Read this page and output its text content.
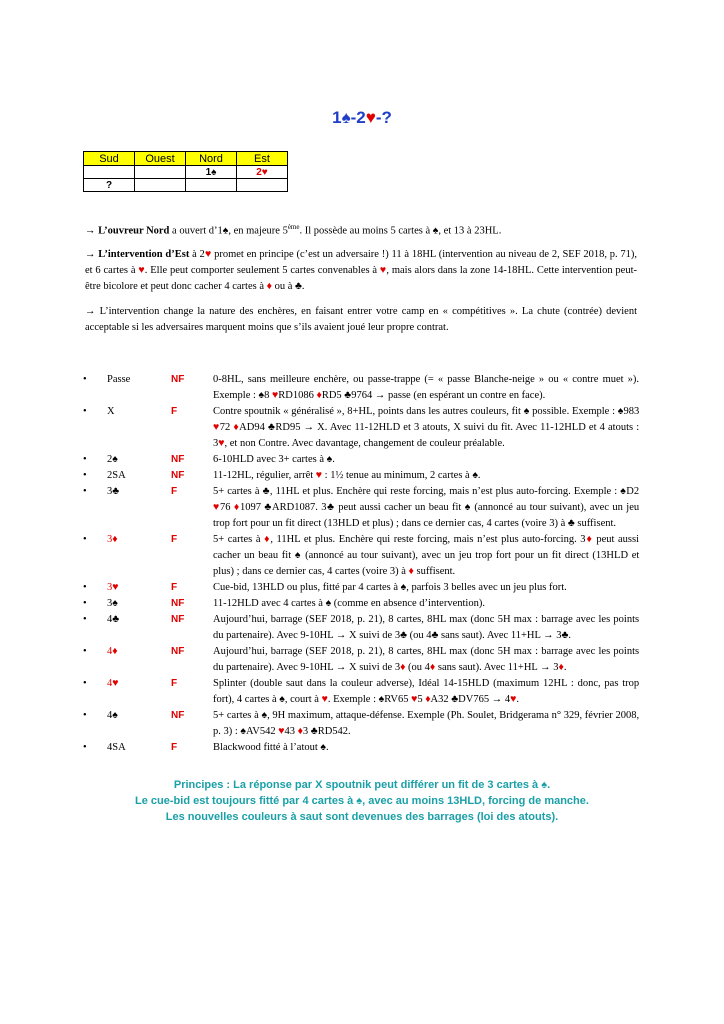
1♠-2♥-?
Sud	Ouest	Nord	Est
		1♠	2♥
?			

→ L’ouvreur Nord a ouvert d’1♠, en majeure 5ème. Il possède au moins 5 cartes à ♠, et 13 à 23HL.

→ L’intervention d’Est à 2♥ promet en principe (c’est un adversaire !) 11 à 18HL (intervention au niveau de 2, SEF 2018, p. 71), et 6 cartes à ♥. Elle peut comporter seulement 5 cartes convenables à ♥, mais alors dans la zone 14-18HL. Cette intervention peut-être bicolore et peut donc cacher 4 cartes à ♦ ou à ♣.

→ L’intervention change la nature des enchères, en faisant entrer votre camp en « compétitives ». La chute (contrée) devient acceptable si les adversaires marquent moins que s’ils avaient joué leur propre contrat.

• Passe	NF	0-8HL, sans meilleure enchère, ou passe-trappe (= « passe Blanche-neige » ou « contre muet »). Exemple : ♠8 ♥RD1086 ♦RD5 ♣9764 → passe (en espérant un contre en face).
• X	F	Contre spoutnik « généralisé », 8+HL, points dans les autres couleurs, fit ♠ possible. Exemple : ♠983 ♥72 ♦AD94 ♣RD95 → X. Avec 11-12HLD et 3 atouts, X suivi du fit. Avec 11-12HLD et 4 atouts : 3♥, et non Contre. Avec davantage, changement de couleur préalable.
• 2♠	NF	6-10HLD avec 3+ cartes à ♠.
• 2SA	NF	11-12HL, régulier, arrêt ♥ : 1½ tenue au minimum, 2 cartes à ♠.
• 3♣	F	5+ cartes à ♣, 11HL et plus. Enchère qui reste forcing, mais n’est plus auto-forcing. Exemple : ♠D2 ♥76 ♦1097 ♣ARD1087. 3♣ peut aussi cacher un beau fit ♠ (annoncé au tour suivant), avec un jeu trop fort pour un fit direct (13HLD et plus) ; dans ce dernier cas, 4 cartes (voire 3) à ♣ suffisent.
• 3♦	F	5+ cartes à ♦, 11HL et plus. Enchère qui reste forcing, mais n’est plus auto-forcing. 3♦ peut aussi cacher un beau fit ♠ (annoncé au tour suivant), avec un jeu trop fort pour un fit direct (13HLD et plus) ; dans ce dernier cas, 4 cartes (voire 3) à ♦ suffisent.
• 3♥	F	Cue-bid, 13HLD ou plus, fitté par 4 cartes à ♠, parfois 3 belles avec un jeu plus fort.
• 3♠	NF	11-12HLD avec 4 cartes à ♠ (comme en absence d’intervention).
• 4♣	NF	Aujourd’hui, barrage (SEF 2018, p. 21), 8 cartes, 8HL max (donc 5H max : barrage avec les points du partenaire). Avec 9-10HL → X suivi de 3♣ (ou 4♣ sans saut). Avec 11+HL → 3♣.
• 4♦	NF	Aujourd’hui, barrage (SEF 2018, p. 21), 8 cartes, 8HL max (donc 5H max : barrage avec les points du partenaire). Avec 9-10HL → X suivi de 3♦ (ou 4♦ sans saut). Avec 11+HL → 3♦.
• 4♥	F	Splinter (double saut dans la couleur adverse), Idéal 14-15HLD (maximum 12HL : donc, pas trop fort), 4 cartes à ♠, court à ♥. Exemple : ♠RV65 ♥5 ♦A32 ♣DV765 → 4♥.
• 4♠	NF	5+ cartes à ♠, 9H maximum, attaque-défense. Exemple (Ph. Soulet, Bridgerama n° 329, février 2008, p. 3) : ♠AV542 ♥43 ♦3 ♣RD542.
• 4SA	F	Blackwood fitté à l’atout ♠.
Principes : La réponse par X spoutnik peut différer un fit de 3 cartes à ♠.
Le cue-bid est toujours fitté par 4 cartes à ♠, avec au moins 13HLD, forcing de manche.
Les nouvelles couleurs à saut sont devenues des barrages (loi des atouts).
